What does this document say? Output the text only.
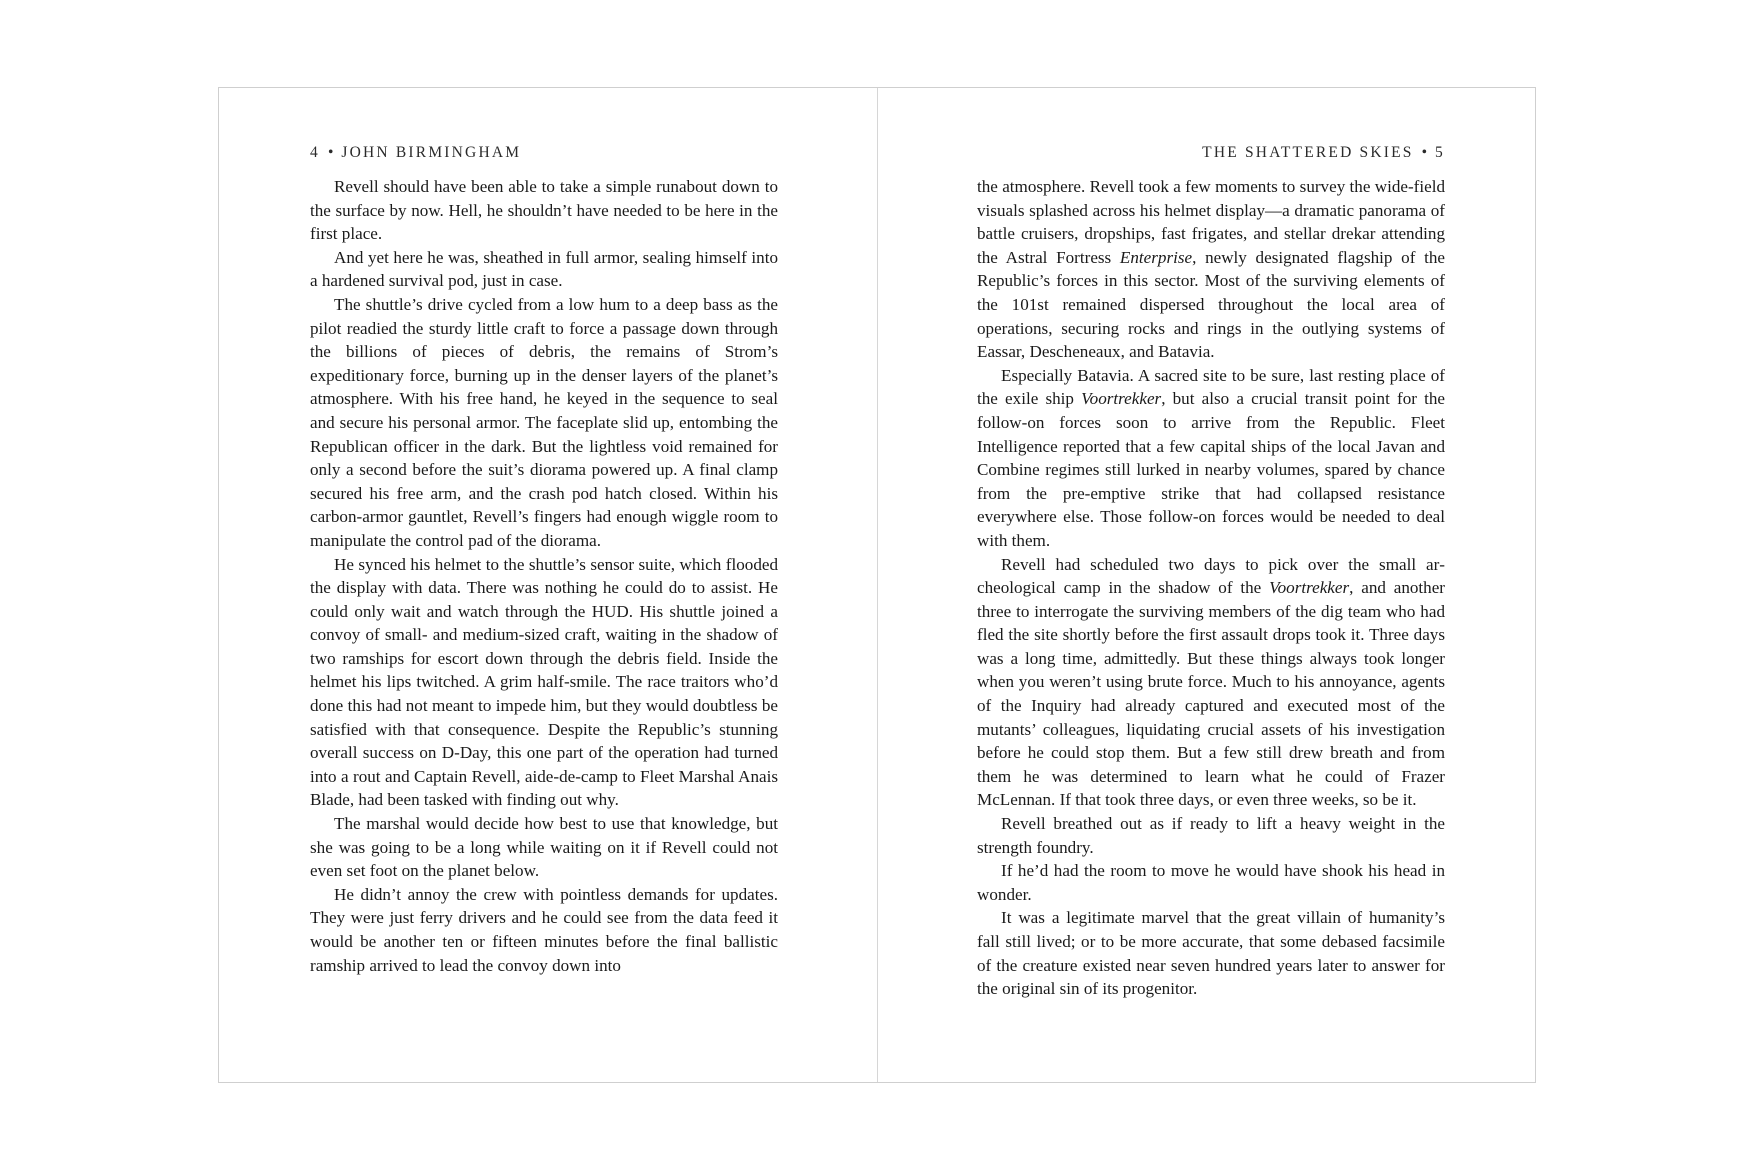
4 • JOHN BIRMINGHAM

Revell should have been able to take a simple runabout down to the surface by now. Hell, he shouldn’t have needed to be here in the first place.

And yet here he was, sheathed in full armor, sealing himself into a hardened survival pod, just in case.

The shuttle’s drive cycled from a low hum to a deep bass as the pilot readied the sturdy little craft to force a passage down through the billions of pieces of debris, the remains of Strom’s expeditionary force, burning up in the denser layers of the planet’s atmosphere. With his free hand, he keyed in the sequence to seal and secure his personal armor. The faceplate slid up, entombing the Republican officer in the dark. But the lightless void remained for only a second before the suit’s diorama powered up. A final clamp secured his free arm, and the crash pod hatch closed. Within his carbon-armor gauntlet, Revell’s fingers had enough wiggle room to manipulate the control pad of the diorama.

He synced his helmet to the shuttle’s sensor suite, which flooded the display with data. There was nothing he could do to assist. He could only wait and watch through the HUD. His shuttle joined a convoy of small- and medium-sized craft, waiting in the shadow of two ramships for escort down through the debris field. Inside the helmet his lips twitched. A grim half-smile. The race traitors who’d done this had not meant to impede him, but they would doubtless be satisfied with that consequence. Despite the Republic’s stunning overall success on D-Day, this one part of the operation had turned into a rout and Captain Revell, aide-de-camp to Fleet Marshal Anais Blade, had been tasked with finding out why.

The marshal would decide how best to use that knowledge, but she was going to be a long while waiting on it if Revell could not even set foot on the planet below.

He didn’t annoy the crew with pointless demands for updates. They were just ferry drivers and he could see from the data feed it would be another ten or fifteen minutes before the final ballistic ramship arrived to lead the convoy down into

THE SHATTERED SKIES • 5

the atmosphere. Revell took a few moments to survey the wide-field visuals splashed across his helmet display—a dramatic panorama of battle cruisers, dropships, fast frigates, and stellar drekar attending the Astral Fortress Enterprise, newly designated flagship of the Republic’s forces in this sector. Most of the surviving elements of the 101st remained dispersed throughout the local area of operations, securing rocks and rings in the outlying systems of Eassar, Descheneaux, and Batavia.

Especially Batavia. A sacred site to be sure, last resting place of the exile ship Voortrekker, but also a crucial transit point for the follow-on forces soon to arrive from the Republic. Fleet Intelligence reported that a few capital ships of the local Javan and Combine regimes still lurked in nearby volumes, spared by chance from the pre-emptive strike that had collapsed resistance everywhere else. Those follow-on forces would be needed to deal with them.

Revell had scheduled two days to pick over the small archeological camp in the shadow of the Voortrekker, and another three to interrogate the surviving members of the dig team who had fled the site shortly before the first assault drops took it. Three days was a long time, admittedly. But these things always took longer when you weren’t using brute force. Much to his annoyance, agents of the Inquiry had already captured and executed most of the mutants’ colleagues, liquidating crucial assets of his investigation before he could stop them. But a few still drew breath and from them he was determined to learn what he could of Frazer McLennan. If that took three days, or even three weeks, so be it.

Revell breathed out as if ready to lift a heavy weight in the strength foundry.

If he’d had the room to move he would have shook his head in wonder.

It was a legitimate marvel that the great villain of humanity’s fall still lived; or to be more accurate, that some debased facsimile of the creature existed near seven hundred years later to answer for the original sin of its progenitor.
